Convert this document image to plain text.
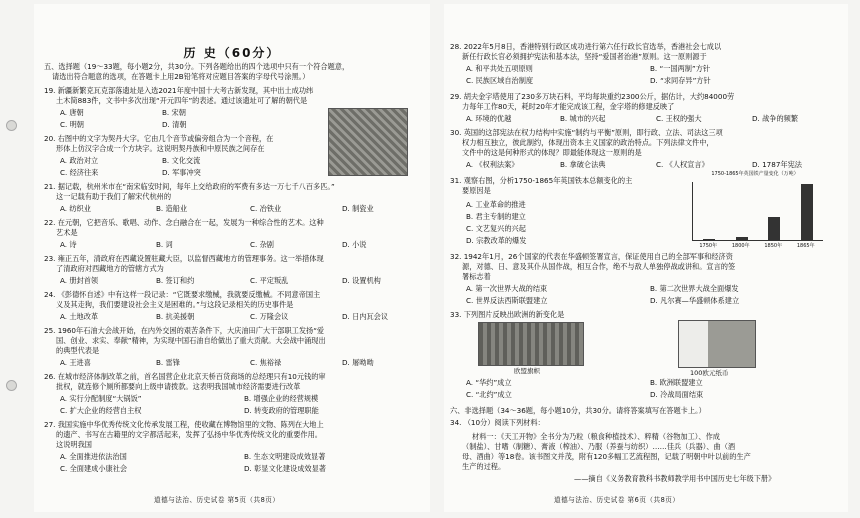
历 史（60分）
五、选择题（19～33题，每小题2分，共30分。下列各题给出的四个选项中只有一个符合题意，
请选出符合题意的选项，在答题卡上用2B铅笔将对应题目答案的字母代号涂黑。）
19. 新疆新繁克瓦克部落遗址是入选2021年度中国十大考古新发现，其中出土成功纬
土木简883件，文书中多次出现“开元四年”的表述。通过该遗址可了解的朝代是
A. 唐朝	B. 宋朝
C. 明朝	D. 清朝
20. 右图中的文字为契丹大字。它由几个音节或偏旁组合为一个音程，在
形体上仿汉字合成一个方块字。这说明契丹族和中原民族之间存在
A. 政治对立	B. 文化交流
C. 经济往来	D. 军事冲突
21. 据记载，杭州米市在“南宋临安时间，每年上交给政府的军费有多达一万七千八百多匹。”
这一记载有助于我们了解宋代杭州的
A. 纺织业	B. 造船业	C. 冶铁业	D. 制瓷业
22. 在元朝，它把音乐、歌唱、动作、念白融合在一起，发展为一种综合性的艺术。这种
艺术是
A. 诗	B. 词	C. 杂剧	D. 小说
23. 雍正五年，清政府在西藏设置驻藏大臣，以监督西藏地方的管理事务。这一举措体现
了清政府对西藏地方的管辖方式为
A. 册封首领	B. 签订和约	C. 平定叛乱	D. 设置机构
24. 《彭德怀自述》中有这样一段记录：“它既要求缴械，我就要反缴械。不同意帝国主
义及其走狗，我们要建设社会主义是困难的。”与这段记录相关的历史事件是
A. 土地改革	B. 抗美援朝	C. 万隆会议	D. 日内瓦会议
25. 1960年石油大会战开始，在内外交困的艰苦条件下，大庆油田广大干部职工发扬“爱
国、创业、求实、奉献”精神，为实现中国石油自给做出了重大贡献。大会战中涌现出
的典型代表是
A. 王进喜	B. 雷锋	C. 焦裕禄	D. 屠呦呦
26. 在城市经济体制改革之前，首名国营企业北京天桥百货商场的总经理只有10元钱的审
批权，就连修个厕所都要向上级申请拨款。这表明我国城市经济需要进行改革
A. 实行分配制度“大锅饭”	B. 增强企业的经营规模
C. 扩大企业的经营自主权	D. 转变政府的管理职能
27. 我国实施中华优秀传统文化传承发展工程，使收藏在博物馆里的文物、陈列在大地上
的遗产、书写在古籍里的文字都活起来，发挥了弘扬中华优秀传统文化的重要作用。
这说明我国
A. 全面推进依法治国	B. 生态文明建设成效显著
C. 全面建成小康社会	D. 彰显文化建设成效显著
道德与法治、历史试卷 第5页（共8页）
28. 2022年5月8日，香港特别行政区成功进行第六任行政长官选举，香港社会七成以
新任行政长官必须拥护宪法和基本法，坚持“爱国者治港”原则。这一原则源于
A. 和平共处五项原则	B. “一国两制”方针
C. 民族区域自治制度	D. “求同存异”方针
29. 胡夫金字塔使用了230多万块石料，平均每块重约2300公斤，据估计，大约84000劳
力每年工作80天，耗时20年才能完成该工程，金字塔的修建反映了
A. 环境的优越	B. 城市的兴起	C. 王权的强大	D. 战争的频繁
30. 英国的这部宪法在权力结构中实施“制约与平衡”原则，即行政、立法、司法这三项
权力相互独立，彼此制约，体现出资本主义国家的政治特点。下列法律文件中，
文件中的这是何种形式的体现？即最能体现这一原则的是
A. 《权利法案》	B. 拿破仑法典	C. 《人权宣言》	D. 1787年宪法
31. 观察右图，分析1750-1865年英国铁本总额变化的主
要原因是
A. 工业革命的推进
B. 君主专制的建立
C. 文艺复兴的兴起
D. 宗教改革的爆发
1750-1865年英国铁产量变化（万吨）
1750年	1800年	1850年	1865年
32. 1942年1月，26个国家的代表在华盛顿签署宣言，保证使用自己的全部军事和经济资
源，对德、日、意及其仆从国作战，相互合作，绝不与敌人单独停战或讲和。宣言的签
署标志着
A. 第一次世界大战的结束	B. 第二次世界大战全面爆发
C. 世界反法西斯联盟建立	D. 凡尔赛—华盛顿体系建立
33. 下列图片反映出欧洲的新变化是
欧盟旗帜	100欧元纸币
A. “华约”成立	B. 欧洲联盟建立
C. “北约”成立	D. 冷战局面结束
六、非选择题（34～36题，每小题10分，共30分。请将答案填写在答题卡上。）
34. （10分）阅读下列材料：
材料一：《天工开物》全书分为乃粒（粮食种植技术）、粹精（谷物加工）、作成
（制盐）、甘嗜（制糖）、膏液（榨油）、乃服（养蚕与纺织）……佳兵（兵器）、曲（酒
母、酒曲）等18卷。该书图文并茂，附有120多幅工艺流程图，记载了明朝中叶以前的生产
生产的过程。
——摘自《义务教育教科书教师教学用书中国历史七年级下册》
道德与法治、历史试卷 第6页（共8页）
